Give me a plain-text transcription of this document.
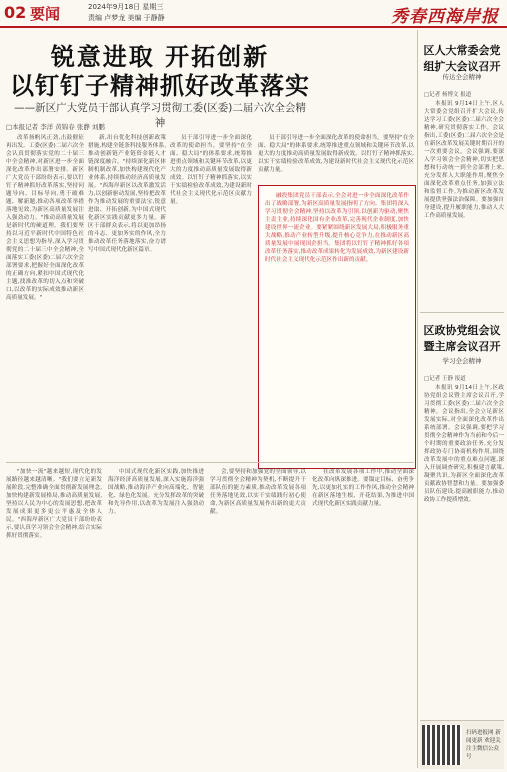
02 要闻	2024年9月18日 星期三
责编 卢梦龙 美编 于静静	秀春西海岸报
锐意进取 开拓创新
以钉钉子精神抓好改革落实
——新区广大党员干部认真学习贯彻工委(区委)二届六次全会精神
□本报记者 李洋 黄锦春 张静 刘鹏

改革扬帆风正劲,击鼓催征再出发。工委(区委)二届六次全会认真贯彻落实党的二十届三中全会精神,对新区进一步全面深化改革作出部署安排。新区广大党员干部纷纷表示,要以钉钉子精神抓好改革落实,坚持问题导向、目标导向,勇于破难题、解新题,推动各项改革举措落地见效,为新区高质量发展注入强劲动力。"推动高质量发展是新时代的硬道理。我们要坚持以习近平新时代中国特色社会主义思想为指导,深入学习贯彻党的二十届三中全会精神,全面落实工委(区委)二届六次全会部署要求,把握好全面深化改革的正确方向,紧扣中国式现代化主题,找准改革的切入点和突破口,以改革的实际成效推动新区高质量发展。"

新,出台优化科技创新政策措施,构建全链条科技服务体系,推动创新链产业链资金链人才链深度融合。"持续深化新区体制机制改革,加快构建现代化产业体系,持续推动经济高质量发展。"西海岸新区以改革激发活力,以创新驱动发展,坚持把改革作为推动发展的重要法宝,锐意进取、开拓创新,为中国式现代化新区实践贡献更多力量。新区干部群众表示,将以更加昂扬的斗志、更加务实的作风,全力推动改革任务落地落实,奋力谱写中国式现代化新区篇章。

员干部引导进一步全面深化改革的使命担当。要坚持"在全面、稳大局"的体系要求,统筹推进重点领域和关键环节改革,以更大的力度推动高质量发展取得新成效。以钉钉子精神抓落实,以实干实绩检验改革成效,为建设新时代社会主义现代化示范区贡献力量。

员干部引导进一步全面深化改革的使命担当。要坚持"在全面、稳大局"的体系要求,统筹推进重点领域和关键环节改革,以更大的力度推动高质量发展取得新成效。以钉钉子精神抓落实,以实干实绩检验改革成效,为建设新时代社会主义现代化示范区贡献力量。

融投集团党员干部表示,全会对进一步全面深化改革作出了战略部署,为新区高质量发展指明了方向。集团将深入学习贯彻全会精神,坚持以改革为引领,以创新为驱动,聚焦主责主业,持续深化国有企业改革,完善现代企业制度,加快建设世界一流企业。要紧紧围绕新区发展大局,积极服务重大战略,推动产业转型升级,提升核心竞争力,在推动新区高质量发展中展现国企担当。集团将以钉钉子精神抓好各项改革任务落实,推动改革成果转化为发展成效,为新区建设新时代社会主义现代化示范区作出新的贡献。

"加快一流"越来越短,现代化的发展路径越来越清晰。"我们要立足新发展阶段,完整准确全面贯彻新发展理念,加快构建新发展格局,推动高质量发展,坚持以人民为中心的发展思想,把改革发展成果更多更公平惠及全体人民。"西海岸新区广大党员干部纷纷表示,要认真学习领会全会精神,结合实际抓好贯彻落实。

中国式现代化新区实践,加快推进海洋经济高质量发展,深入实施海洋强国战略,推动海洋产业向高端化、智能化、绿色化发展。充分发挥改革的突破和先导作用,以改革为发展注入强劲动力。

会,要坚持和加强党的全面领导,以学习贯彻全会精神为契机,不断提升干部队伍的能力素质,推动改革发展各项任务落地见效,以实干实绩践行初心使命,为新区高质量发展作出新的更大贡献。

在改革发展各项工作中,推动全面深化改革向纵深推进。要锚定目标、奋勇争先,以更加扎实的工作作风,推动全会精神在新区落地生根、开花结果,为推进中国式现代化新区实践贡献力量。

区人大常委会党组扩大会议召开
传达全会精神
□记者 杨博文 报道

本报讯 9月14日上午,区人大常委会党组召开扩大会议,传达学习工委(区委)二届六次全会精神,研究贯彻落实工作。会议指出,工委(区委)二届六次全会是在新区改革发展关键时期召开的一次重要会议。会议强调,要深入学习领会全会精神,切实把思想和行动统一到全会部署上来,充分发挥人大职能作用,聚焦全面深化改革重点任务,加强立法和监督工作,为推动新区改革发展提供坚强法治保障。要加强自身建设,提升履职能力,推动人大工作高质量发展。

区政协党组会议暨主席会议召开
学习全会精神
□记者 王静 报道

本报讯 9月14日上午,区政协党组会议暨主席会议召开,学习贯彻工委(区委)二届六次全会精神。会议指出,全会立足新区发展实际,对全面深化改革作出系统部署。会议强调,要把学习贯彻全会精神作为当前和今后一个时期的重要政治任务,充分发挥政协专门协商机构作用,围绕改革发展中的重点难点问题,深入开展调查研究,积极建言献策,凝聚共识,为新区全面深化改革贡献政协智慧和力量。要加强委员队伍建设,提高履职能力,推动政协工作提质增效。

扫码进报网 新闻更新 欢迎关注主微信公众号
